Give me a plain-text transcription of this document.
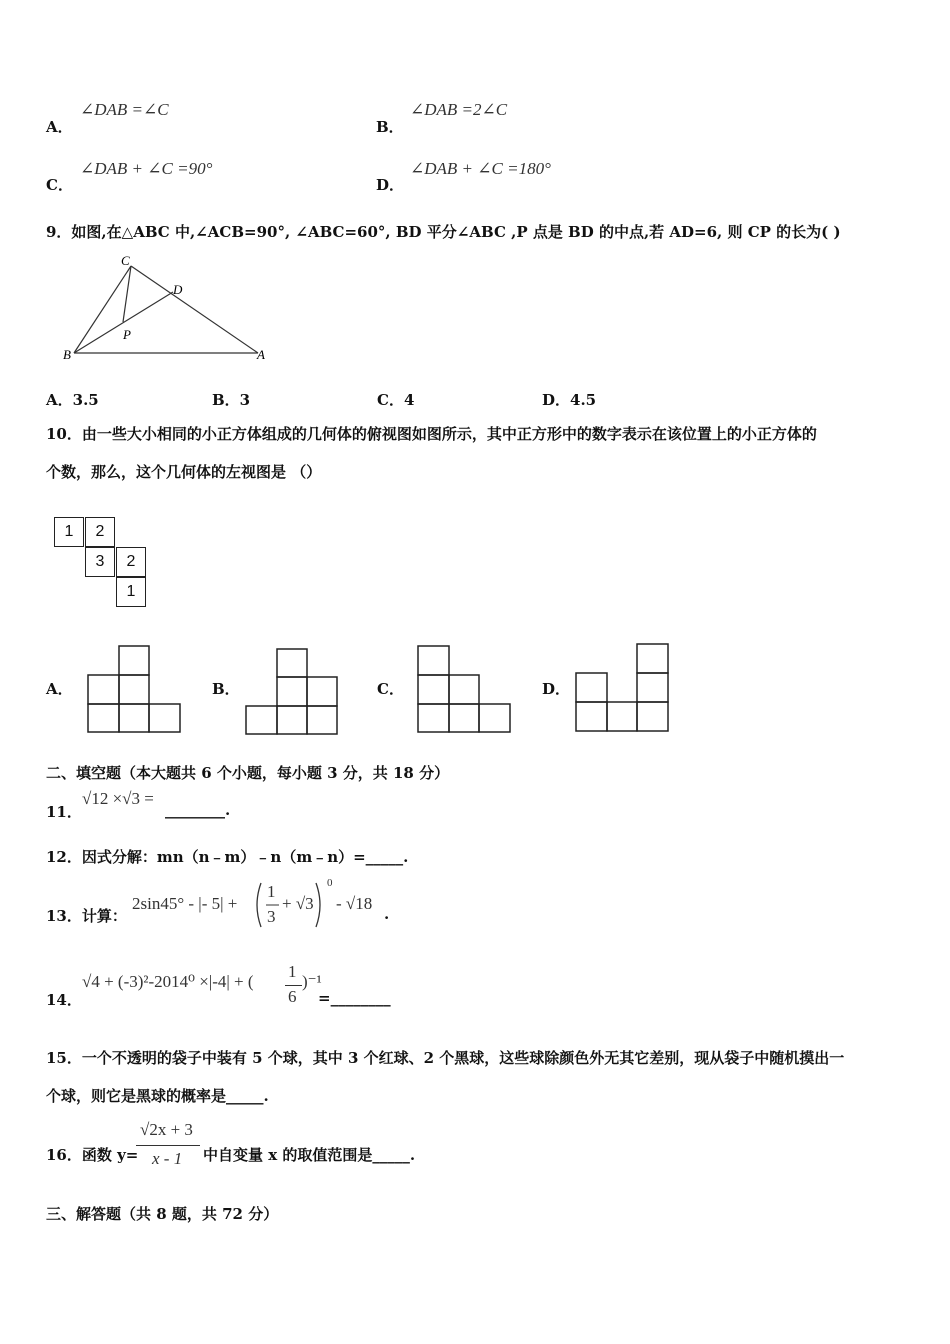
A．
∠DAB =∠C
B．
∠DAB =2∠C
C．
∠DAB + ∠C =90°
D．
∠DAB + ∠C =180°
9．如图,在△ABC 中,∠ACB=90°, ∠ABC=60°, BD 平分∠ABC ,P 点是 BD 的中点,若 AD=6, 则 CP 的长为( )
C
D
P
B	A
A．3.5	B．3	C．4	D．4.5
10．由一些大小相同的小正方体组成的几何体的俯视图如图所示，其中正方形中的数字表示在该位置上的小正方体的
个数，那么，这个几何体的左视图是 （）
1	2
3	2
1
A．	B．	C．	D．
二、填空题（本大题共 6 个小题，每小题 3 分，共 18 分）
11．
√12 ×√3 =
________.
12．因式分解：mn（n﹣m）﹣n（m﹣n）=_____.
13．计算：
2sin45° - |- 5| +
1
3
+ √3
0
- √18
.
14．
√4 + (-3)²-2014⁰ ×|-4| + (
1
6
)⁻¹
=________
15．一个不透明的袋子中装有 5 个球，其中 3 个红球、2 个黑球，这些球除颜色外无其它差别，现从袋子中随机摸出一
个球，则它是黑球的概率是_____.
16．函数 y=
√2x + 3
x - 1 中自变量 x 的取值范围是_____.
三、解答题（共 8 题，共 72 分）
